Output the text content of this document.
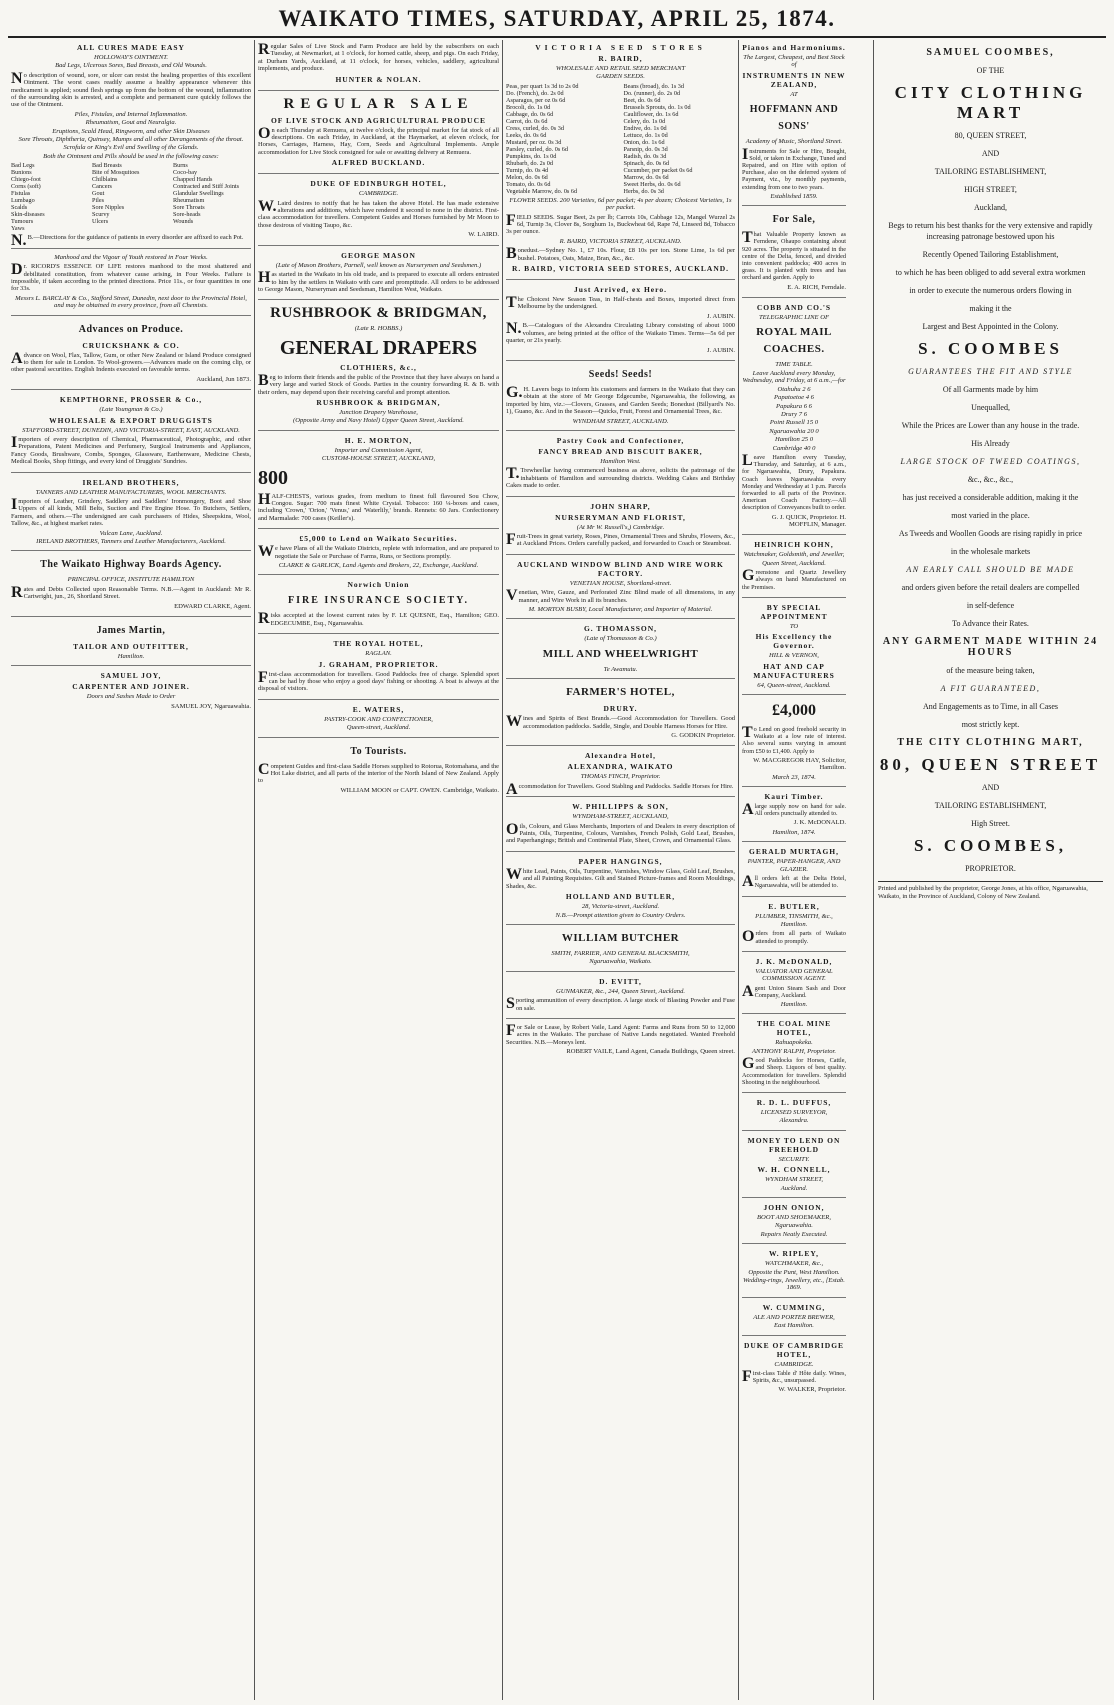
WAIKATO TIMES, SATURDAY, APRIL 25, 1874.
ALL CURES MADE EASY
HOLLOWAY'S OINTMENT.
Bad Legs, Ulcerous Sores, Bad Breasts, and Old Wounds.
No description of wound, sore, or ulcer can resist the healing properties of this excellent Ointment. The worst cases readily assume a healthy appearance whenever this medicament is applied; sound flesh springs up from the bottom of the wound, inflammation of the surrounding skin is arrested, and a complete and permanent cure quickly follows the use of the Ointment.
Piles, Fistulas, and Internal Inflammation.
Rheumatism, Gout and Neuralgia.
Eruptions, Scald Head, Ringworm, and other Skin Diseases
Sore Throats, Diphtheria, Quinsey, Mumps and all other Derangements of the throat.
Scrofula or King's Evil and Swelling of the Glands.
Both the Ointment and Pills should be used in the following cases:
Bad Legs	Bad Breasts	Burns
Bunions	Bite of Mosquitoes	Coco-bay
Chiego-foot	Chilblains	Chapped Hands
Corns (soft)	Cancers	Contracted and Stiff Joints
Fistulas	Gout	Glandular Swellings
Lumbago	Piles	Rheumatism
Scalds	Sore Nipples	Sore Throats
Skin-diseases	Scurvy	Sore-heads
Tumours	Ulcers	Wounds
Yaws
N.B.—Directions for the guidance of patients in every disorder are affixed to each Pot.
Manhood and the Vigour of Youth restored in Four Weeks.
Dr. RICORD'S ESSENCE OF LIFE restores manhood to the most shattered and debilitated constitution, from whatever cause arising, in Four Weeks. Failure is impossible, if taken according to the printed directions. Price 11s., or four quantities in one for 33s.
Messrs L. BARCLAY & Co., Stafford Street, Dunedin, next door to the Provincial Hotel, and may be obtained in every province, from all Chemists.
Advances on Produce.
CRUICKSHANK & CO.
Advance on Wool, Flax, Tallow, Gum, or other New Zealand or Island Produce consigned to them for sale in London. To Wool-growers.—Advances made on the coming clip, or other pastoral securities. English Indents executed on favorable terms.
Auckland, Jun 1873.
KEMPTHORNE, PROSSER & Co.,
(Late Youngman & Co.)
WHOLESALE & EXPORT DRUGGISTS
STAFFORD-STREET, DUNEDIN, AND VICTORIA-STREET, EAST, AUCKLAND.
Importers of every description of Chemical, Pharmaceutical, Photographic, and other Preparations, Patent Medicines and Perfumery, Surgical Instruments and Appliances, Fancy Goods, Brushware, Combs, Sponges, Glassware, Earthenware, Medicine Chests, Medical Books, Shop fittings, and every kind of Druggists' Sundries.
IRELAND BROTHERS,
TANNERS AND LEATHER MANUFACTURERS, WOOL MERCHANTS.
Importers of Leather, Grindery, Saddlery and Saddlers' Ironmongery, Boot and Shoe Uppers of all kinds, Mill Belts, Suction and Fire Engine Hose. To Butchers, Settlers, Farmers, and others.—The undersigned are cash purchasers of Hides, Sheepskins, Wool, Tallow, &c., at highest market rates.
Vulcan Lane, Auckland.
IRELAND BROTHERS, Tanners and Leather Manufacturers, Auckland.
The Waikato Highway Boards Agency.
PRINCIPAL OFFICE, INSTITUTE HAMILTON
Rates and Debts Collected upon Reasonable Terms. N.B.—Agent in Auckland: Mr R. Cartwright, jun., 26, Shortland Street.
EDWARD CLARKE, Agent.
James Martin,
TAILOR AND OUTFITTER,
Hamilton.
SAMUEL JOY,
CARPENTER AND JOINER.
Doors and Sashes Made to Order
SAMUEL JOY, Ngaruawahia.
Regular Sales of Live Stock and Farm Produce are held by the subscribers on each Tuesday, at Newmarket, at 1 o'clock, for horned cattle, sheep, and pigs. On each Friday, at Durham Yards, Auckland, at 11 o'clock, for horses, vehicles, saddlery, agricultural implements, and produce.
HUNTER & NOLAN.
REGULAR SALE
OF LIVE STOCK AND AGRICULTURAL PRODUCE
On each Thursday at Remuera, at twelve o'clock, the principal market for fat stock of all descriptions. On each Friday, in Auckland, at the Haymarket, at eleven o'clock, for Horses, Carriages, Harness, Hay, Corn, Seeds and Agricultural Implements. Ample accommodation for Live Stock consigned for sale or awaiting delivery at Remuera.
ALFRED BUCKLAND.
DUKE OF EDINBURGH HOTEL,
CAMBRIDGE.
W.Laird desires to notify that he has taken the above Hotel. He has made extensive alterations and additions, which have rendered it second to none in the district. First-class accommodation for travellers. Competent Guides and Horses furnished by Mr Moon to those desirous of visiting Taupo, &c.
W. LAIRD.
GEORGE MASON
(Late of Mason Brothers, Parnell, well known as Nurserymen and Seedsmen.)
Has started in the Waikato in his old trade, and is prepared to execute all orders entrusted to him by the settlers in Waikato with care and promptitude. All orders to be addressed to George Mason, Nurseryman and Seedsman, Hamilton West, Waikato.
RUSHBROOK & BRIDGMAN,
(Late R. HOBBS.)
GENERAL DRAPERS
CLOTHIERS, &c.,
Beg to inform their friends and the public of the Province that they have always on hand a very large and varied Stock of Goods. Parties in the country forwarding R. & B. with their orders, may depend upon their receiving careful and prompt attention.
RUSHBROOK & BRIDGMAN,
Junction Drapery Warehouse,
(Opposite Army and Navy Hotel) Upper Queen Street, Auckland.
H. E. MORTON,
Importer and Commission Agent,
CUSTOM-HOUSE STREET, AUCKLAND,
800
HALF-CHESTS, various grades, from medium to finest full flavoured Sou Chow, Congou. Sugar: 700 mats finest White Crystal. Tobacco: 160 ¼-boxes and cases, including 'Crown,' 'Orion,' 'Venus,' and 'Waterlily,' brands. Rennets: 60 Jars. Confectionery and Marmalade: 700 cases (Keiller's).
£5,000 to Lend on Waikato Securities.
We have Plans of all the Waikato Districts, replete with information, and are prepared to negotiate the Sale or Purchase of Farms, Runs, or Sections promptly.
CLARKE & GARLICK, Land Agents and Brokers, 22, Exchange, Auckland.
Norwich Union
FIRE INSURANCE SOCIETY.
Risks accepted at the lowest current rates by F. LE QUESNE, Esq., Hamilton; GEO. EDGECUMBE, Esq., Ngaruawahia.
THE ROYAL HOTEL,
RAGLAN.
J. GRAHAM, PROPRIETOR.
First-class accommodation for travellers. Good Paddocks free of charge. Splendid sport can be had by those who enjoy a good days' fishing or shooting. A boat is always at the disposal of visitors.
E. WATERS,
PASTRY-COOK AND CONFECTIONER,
Queen-street, Auckland.
To Tourists.
Competent Guides and first-class Saddle Horses supplied to Rotorua, Rotomahana, and the Hot Lake district, and all parts of the interior of the North Island of New Zealand. Apply to
WILLIAM MOON or CAPT. OWEN. Cambridge, Waikato.
VICTORIA SEED STORES
R. BAIRD,
WHOLESALE AND RETAIL SEED MERCHANT
GARDEN SEEDS.
Peas, per quart 1s 3d to 2s 0d	Beans (broad), do. 1s 3d
Do. (French), do. 2s 0d	Do. (runner), do. 2s 0d
Asparagus, per oz 0s 6d	Beet, do. 0s 6d
Brocoli, do. 1s 0d	Brussels Sprouts, do. 1s 0d
Cabbage, do. 0s 6d	Cauliflower, do. 1s 6d
Carrot, do. 0s 6d	Celery, do. 1s 0d
Cress, curled, do. 0s 3d	Endive, do. 1s 0d
Leeks, do. 0s 6d	Lettuce, do. 1s 0d
Mustard, per oz. 0s 3d	Onion, do. 1s 6d
Parsley, curled, do. 0s 6d	Parsnip, do. 0s 3d
Pumpkins, do. 1s 0d	Radish, do. 0s 3d
Rhubarb, do. 2s 0d	Spinach, do. 0s 6d
Turnip, do. 0s 4d	Cucumber, per packet 0s 6d
Melon, do. 0s 6d	Marrow, do. 0s 6d
Tomato, do. 0s 6d	Sweet Herbs, do. 0s 6d
Vegetable Marrow, do. 0s 6d	Herbs, do. 0s 3d
FLOWER SEEDS. 200 Varieties, 6d per packet; 4s per dozen; Choicest Varieties, 1s per packet.
FIELD SEEDS. Sugar Beet, 2s per lb; Carrots 10s, Cabbage 12s, Mangel Wurzel 2s 6d, Turnip 3s, Clover 8s, Sorghum 1s, Buckwheat 6d, Rape 7d, Linseed 8d, Tobacco 3s per ounce.
R. BAIRD, VICTORIA STREET, AUCKLAND.
Bonedust.—Sydney No. 1, £7 10s. Flour, £8 10s per ton. Stone Lime, 1s 6d per bushel. Potatoes, Oats, Maize, Bran, &c., &c.
R. BAIRD, VICTORIA SEED STORES, AUCKLAND.
Just Arrived, ex Hero.
The Choicest New Season Teas, in Half-chests and Boxes, imported direct from Melbourne by the undersigned.
J. AUBIN.
N.B.—Catalogues of the Alexandra Circulating Library consisting of about 1000 volumes, are being printed at the office of the Waikato Times. Terms—5s 6d per quarter, or 21s yearly.
J. AUBIN.
Seeds! Seeds!
G.H. Lavers begs to inform his customers and farmers in the Waikato that they can obtain at the store of Mr George Edgecumbe, Ngaruawahia, the following, as imported by him, viz.:—Clovers, Grasses, and Garden Seeds; Bonedust (Billyard's No. 1), Guano, &c. And in the Season—Quicks, Fruit, Forest and Ornamental Trees, &c.
WYNDHAM STREET, AUCKLAND.
Pastry Cook and Confectioner,
FANCY BREAD AND BISCUIT BAKER,
Hamilton West.
T.Trewheellar having commenced business as above, solicits the patronage of the inhabitants of Hamilton and surrounding districts. Wedding Cakes and Birthday Cakes made to order.
JOHN SHARP,
NURSERYMAN AND FLORIST,
(At Mr W. Russell's,) Cambridge.
Fruit-Trees in great variety, Roses, Pines, Ornamental Trees and Shrubs, Flowers, &c., at Auckland Prices. Orders carefully packed, and forwarded to Coach or Steamboat.
AUCKLAND WINDOW BLIND AND WIRE WORK FACTORY.
VENETIAN HOUSE, Shortland-street.
Venetian, Wire, Gauze, and Perforated Zinc Blind made of all dimensions, in any manner, and Wire Work in all its branches.
M. MORTON BUSBY, Local Manufacturer, and Importer of Material.
G. THOMASSON,
(Late of Thomasson & Co.)
MILL AND WHEELWRIGHT
Te Awamutu.
FARMER'S HOTEL,
DRURY.
Wines and Spirits of Best Brands.—Good Accommodation for Travellers. Good accommodation paddocks. Saddle, Single, and Double Harness Horses for Hire.
G. GODKIN Proprietor.
Alexandra Hotel,
ALEXANDRA, WAIKATO
THOMAS FINCH, Proprietor.
Accommodation for Travellers. Good Stabling and Paddocks. Saddle Horses for Hire.
W. PHILLIPPS & SON,
WYNDHAM-STREET, AUCKLAND,
Oils, Colours, and Glass Merchants, Importers of and Dealers in every description of Paints, Oils, Turpentine, Colours, Varnishes, French Polish, Gold Leaf, Brushes, and Paperhangings; British and Continental Plate, Sheet, Crown, and Ornamental Glass.
PAPER HANGINGS,
White Lead, Paints, Oils, Turpentine, Varnishes, Window Glass, Gold Leaf, Brushes, and all Painting Requisites. Gilt and Stained Picture-frames and Room Mouldings, Shades, &c.
HOLLAND AND BUTLER,
28, Victoria-street, Auckland.
N.B.—Prompt attention given to Country Orders.
WILLIAM BUTCHER
SMITH, FARRIER, AND GENERAL BLACKSMITH,
Ngaruawahia, Waikato.
D. EVITT,
GUNMAKER, &c., 244, Queen Street, Auckland.
Sporting ammunition of every description. A large stock of Blasting Powder and Fuse on sale.
For Sale or Lease, by Robert Vaile, Land Agent: Farms and Runs from 50 to 12,000 acres in the Waikato. The purchase of Native Lands negotiated. Wanted Freehold Securities. N.B.—Moneys lent.
ROBERT VAILE, Land Agent, Canada Buildings, Queen street.
Pianos and Harmoniums.
The Largest, Cheapest, and Best Stock of
INSTRUMENTS IN NEW ZEALAND,
AT
HOFFMANN AND SONS'
Academy of Music, Shortland Street.
Instruments for Sale or Hire, Bought, Sold, or taken in Exchange, Tuned and Repaired, and on Hire with option of Purchase, also on the deferred system of Payment, viz., by monthly payments, extending from one to two years.
Established 1859.
For Sale,
That Valuable Property known as Ferndene, Ohaupo containing about 920 acres. The property is situated in the centre of the Delta, fenced, and divided into convenient paddocks; 400 acres in grass. It is planted with trees and has orchard and garden. Apply to
E. A. RICH, Ferndale.
COBB AND CO.'S
TELEGRAPHIC LINE OF
ROYAL MAIL COACHES.
TIME TABLE.
Leave Auckland every Monday, Wednesday, and Friday, at 6 a.m.,—for
Otahuhu 2 6
Papatoetoe 4 6
Papakura 6 6
Drury 7 6
Point Russell 15 0
Ngaruawahia 20 0
Hamilton 25 0
Cambridge 40 0
Leave Hamilton every Tuesday, Thursday, and Saturday, at 6 a.m., for Ngaruawahia, Drury, Papakura. Coach leaves Ngaruawahia every Monday and Wednesday at 1 p.m. Parcels forwarded to all parts of the Province. American Coach Factory.—All description of Conveyances built to order.
G. J. QUICK, Proprietor. H. MOFFLIN, Manager.
HEINRICH KOHN,
Watchmaker, Goldsmith, and Jeweller,
Queen Street, Auckland.
Greenstone and Quartz Jewellery always on hand Manufactured on the Premises.
BY SPECIAL APPOINTMENT
TO
His Excellency the Governor.
HILL & VERNON,
HAT AND CAP MANUFACTURERS
64, Queen-street, Auckland.
£4,000
To Lend on good freehold security in Waikato at a low rate of interest. Also several sums varying in amount from £50 to £1,400. Apply to
W. MACGREGOR HAY, Solicitor, Hamilton.
March 23, 1874.
Kauri Timber.
Alarge supply now on hand for sale. All orders punctually attended to.
J. K. McDONALD.
Hamilton, 1874.
GERALD MURTAGH,
PAINTER, PAPER-HANGER, AND GLAZIER.
All orders left at the Delta Hotel, Ngaruawahia, will be attended to.
E. BUTLER,
PLUMBER, TINSMITH, &c.,
Hamilton.
Orders from all parts of Waikato attended to promptly.
J. K. McDONALD,
VALUATOR AND GENERAL COMMISSION AGENT.
Agent Union Steam Sash and Door Company, Auckland.
Hamilton.
THE COAL MINE HOTEL,
Rahuapokeka.
ANTHONY RALPH, Proprietor.
Good Paddocks for Horses, Cattle, and Sheep. Liquors of best quality. Accommodation for travellers. Splendid Shooting in the neighbourhood.
R. D. L. DUFFUS,
LICENSED SURVEYOR,
Alexandra.
MONEY TO LEND ON FREEHOLD
SECURITY.
W. H. CONNELL,
WYNDHAM STREET,
Auckland.
JOHN ONION,
BOOT AND SHOEMAKER,
Ngaruawahia.
Repairs Neatly Executed.
W. RIPLEY,
WATCHMAKER, &c.,
Opposite the Punt, West Hamilton.
Wedding-rings, Jewellery, etc., [Estab. 1869.
W. CUMMING,
ALE AND PORTER BREWER,
East Hamilton.
DUKE OF CAMBRIDGE HOTEL,
CAMBRIDGE.
First-class Table d' Hôte daily. Wines, Spirits, &c., unsurpassed.
W. WALKER, Proprietor.
SAMUEL COOMBES,
OF THE
CITY CLOTHING MART
80, QUEEN STREET,
AND
TAILORING ESTABLISHMENT,
HIGH STREET,
Auckland,
Begs to return his best thanks for the very extensive and rapidly increasing patronage bestowed upon his
Recently Opened Tailoring Establishment,
to which he has been obliged to add several extra workmen
in order to execute the numerous orders flowing in
making it the
Largest and Best Appointed in the Colony.
S. COOMBES
GUARANTEES THE FIT AND STYLE
Of all Garments made by him
Unequalled,
While the Prices are Lower than any house in the trade.
His Already
LARGE STOCK OF TWEED COATINGS,
&c., &c., &c.,
has just received a considerable addition, making it the
most varied in the place.
As Tweeds and Woollen Goods are rising rapidly in price
in the wholesale markets
AN EARLY CALL SHOULD BE MADE
and orders given before the retail dealers are compelled
in self-defence
To Advance their Rates.
ANY GARMENT MADE WITHIN 24 HOURS
of the measure being taken,
A FIT GUARANTEED,
And Engagements as to Time, in all Cases
most strictly kept.
THE CITY CLOTHING MART,
80, QUEEN STREET
AND
TAILORING ESTABLISHMENT,
High Street.
S. COOMBES,
PROPRIETOR.
Printed and published by the proprietor, George Jones, at his office, Ngaruawahia, Waikato, in the Province of Auckland, Colony of New Zealand.
